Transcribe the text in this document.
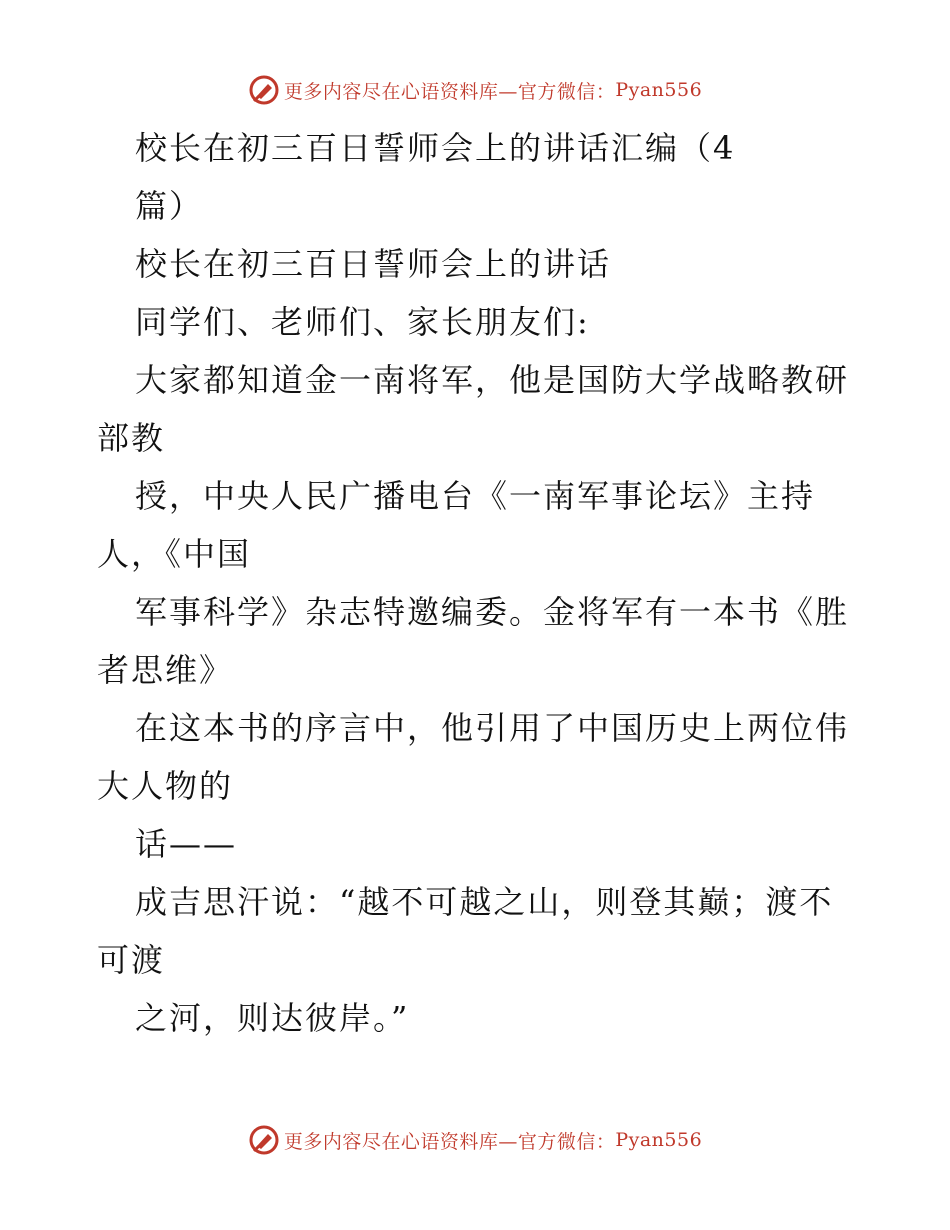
更多内容尽在心语资料库—官方微信： Pyan556
校长在初三百日誓师会上的讲话汇编（4
篇）
校长在初三百日誓师会上的讲话
同学们、老师们、家长朋友们:
大家都知道金一南将军，他是国防大学战略教研
部教
授，中央人民广播电台《一南军事论坛》主持
人，《中国
军事科学》杂志特邀编委。金将军有一本书《胜
者思维》
在这本书的序言中，他引用了中国历史上两位伟
大人物的
话——
成吉思汗说：“越不可越之山，则登其巅；渡不
可渡
之河，则达彼岸。”
更多内容尽在心语资料库—官方微信： Pyan556
